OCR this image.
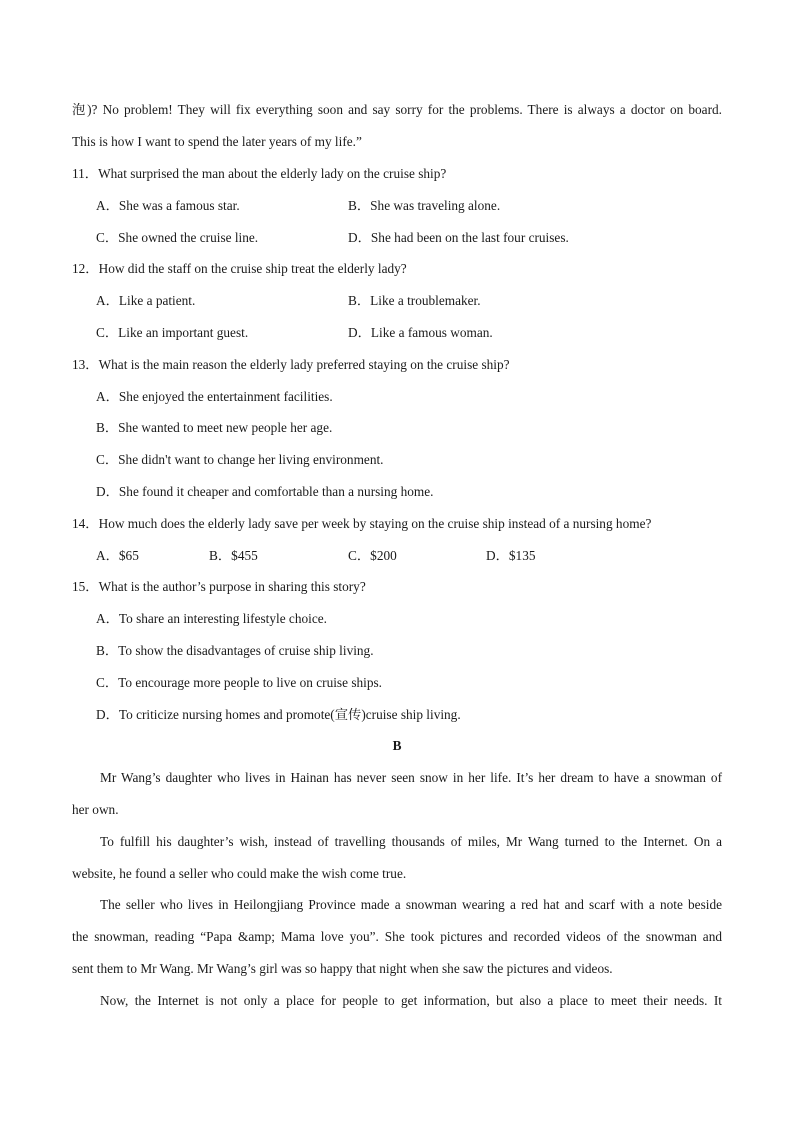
泡)? No problem! They will fix everything soon and say sorry for the problems. There is always a doctor on board.
This is how I want to spend the later years of my life.”
11．What surprised the man about the elderly lady on the cruise ship?
A．She was a famous star.	B．She was traveling alone.
C．She owned the cruise line.	D．She had been on the last four cruises.
12．How did the staff on the cruise ship treat the elderly lady?
A．Like a patient.	B．Like a troublemaker.
C．Like an important guest.	D．Like a famous woman.
13．What is the main reason the elderly lady preferred staying on the cruise ship?
A．She enjoyed the entertainment facilities.
B．She wanted to meet new people her age.
C．She didn't want to change her living environment.
D．She found it cheaper and comfortable than a nursing home.
14．How much does the elderly lady save per week by staying on the cruise ship instead of a nursing home?
A．$65	B．$455	C．$200	D．$135
15．What is the author’s purpose in sharing this story?
A．To share an interesting lifestyle choice.
B．To show the disadvantages of cruise ship living.
C．To encourage more people to live on cruise ships.
D．To criticize nursing homes and promote(宣传)cruise ship living.
B
Mr Wang’s daughter who lives in Hainan has never seen snow in her life. It’s her dream to have a snowman of
her own.
To fulfill his daughter’s wish, instead of travelling thousands of miles, Mr Wang turned to the Internet. On a
website, he found a seller who could make the wish come true.
The seller who lives in Heilongjiang Province made a snowman wearing a red hat and scarf with a note beside
the snowman, reading “Papa &amp; Mama love you”. She took pictures and recorded videos of the snowman and
sent them to Mr Wang. Mr Wang’s girl was so happy that night when she saw the pictures and videos.
Now, the Internet is not only a place for people to get information, but also a place to meet their needs. It
